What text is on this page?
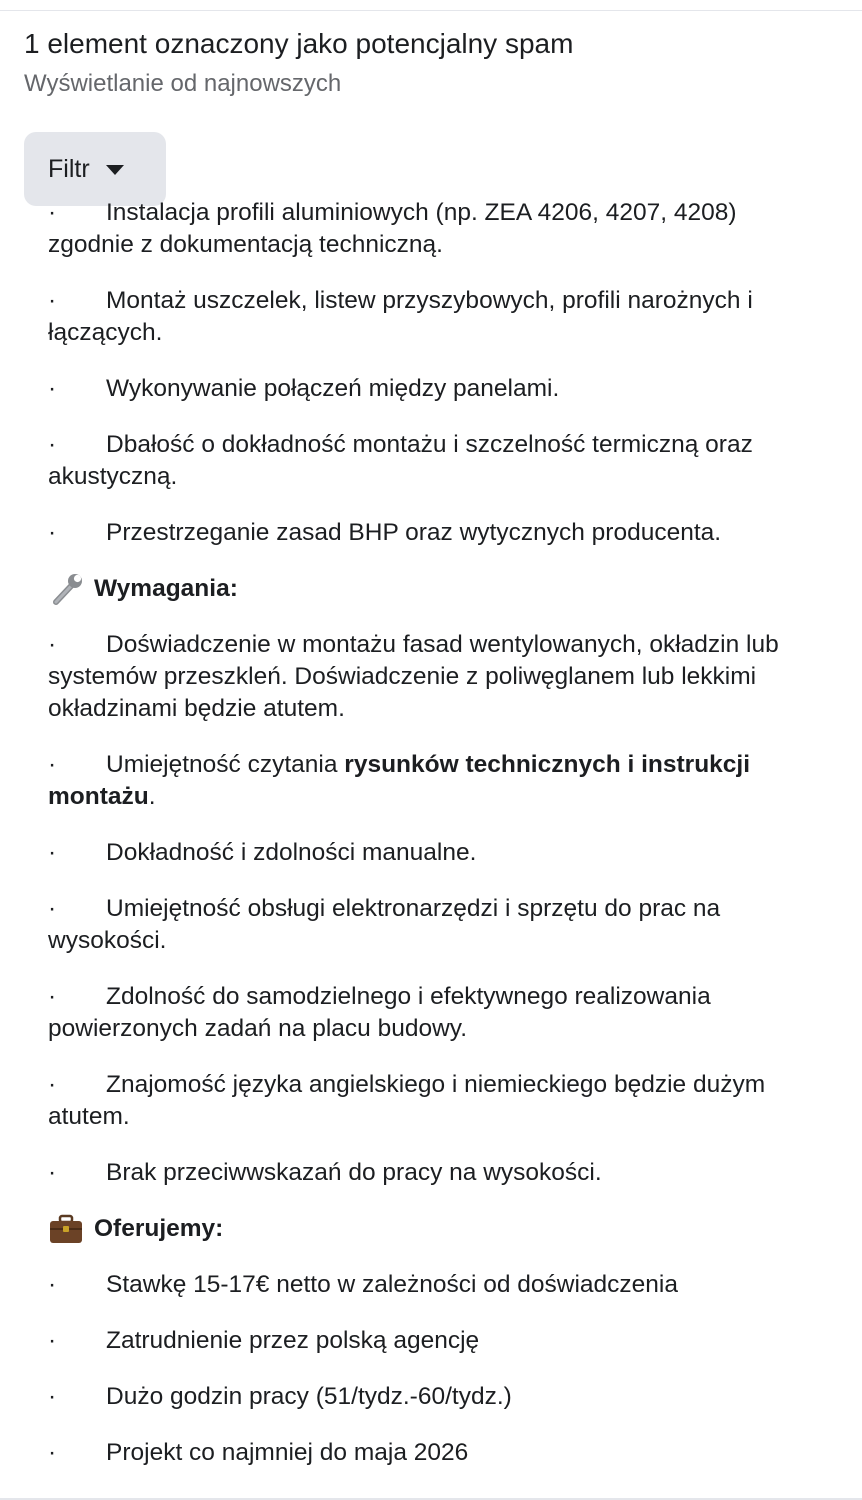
1 element oznaczony jako potencjalny spam
Wyświetlanie od najnowszych
Filtr
· Instalacja profili aluminiowych (np. ZEA 4206, 4207, 4208) zgodnie z dokumentacją techniczną.
· Montaż uszczelek, listew przyszybowych, profili narożnych i łączących.
· Wykonywanie połączeń między panelami.
· Dbałość o dokładność montażu i szczelność termiczną oraz akustyczną.
· Przestrzeganie zasad BHP oraz wytycznych producenta.
Wymagania:
· Doświadczenie w montażu fasad wentylowanych, okładzin lub systemów przeszkleń. Doświadczenie z poliwęglanem lub lekkimi okładzinami będzie atutem.
· Umiejętność czytania rysunków technicznych i instrukcji montażu.
· Dokładność i zdolności manualne.
· Umiejętność obsługi elektronarzędzi i sprzętu do prac na wysokości.
· Zdolność do samodzielnego i efektywnego realizowania powierzonych zadań na placu budowy.
· Znajomość języka angielskiego i niemieckiego będzie dużym atutem.
· Brak przeciwwskazań do pracy na wysokości.
Oferujemy:
· Stawkę 15-17€ netto w zależności od doświadczenia
· Zatrudnienie przez polską agencję
· Dużo godzin pracy (51/tydz.-60/tydz.)
· Projekt co najmniej do maja 2026
